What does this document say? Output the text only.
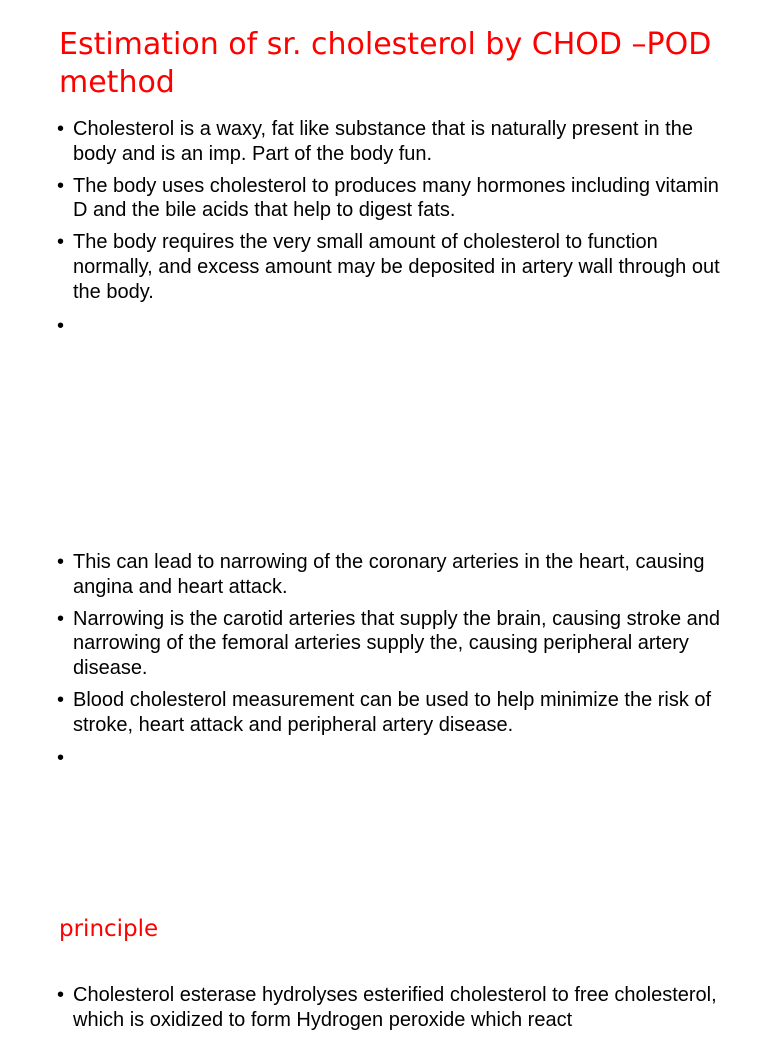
Estimation of sr. cholesterol by CHOD –POD method
• Cholesterol is a waxy, fat like substance that is naturally present in the body and is an imp. Part of the body fun.
• The body uses cholesterol to produces many hormones including vitamin D and the bile acids that help to digest fats.
• The body requires the very small amount of cholesterol to function normally, and excess amount may be deposited in artery wall through out the body.
•
• This can lead to narrowing of the coronary arteries in the heart, causing angina and heart attack.
• Narrowing is the carotid arteries that supply the brain, causing stroke and narrowing of the femoral arteries supply the, causing peripheral artery disease.
• Blood cholesterol measurement can be used to help minimize the risk of stroke, heart attack and peripheral artery disease.
•
principle
• Cholesterol esterase hydrolyses esterified cholesterol to free cholesterol, which is oxidized to form Hydrogen peroxide which react
